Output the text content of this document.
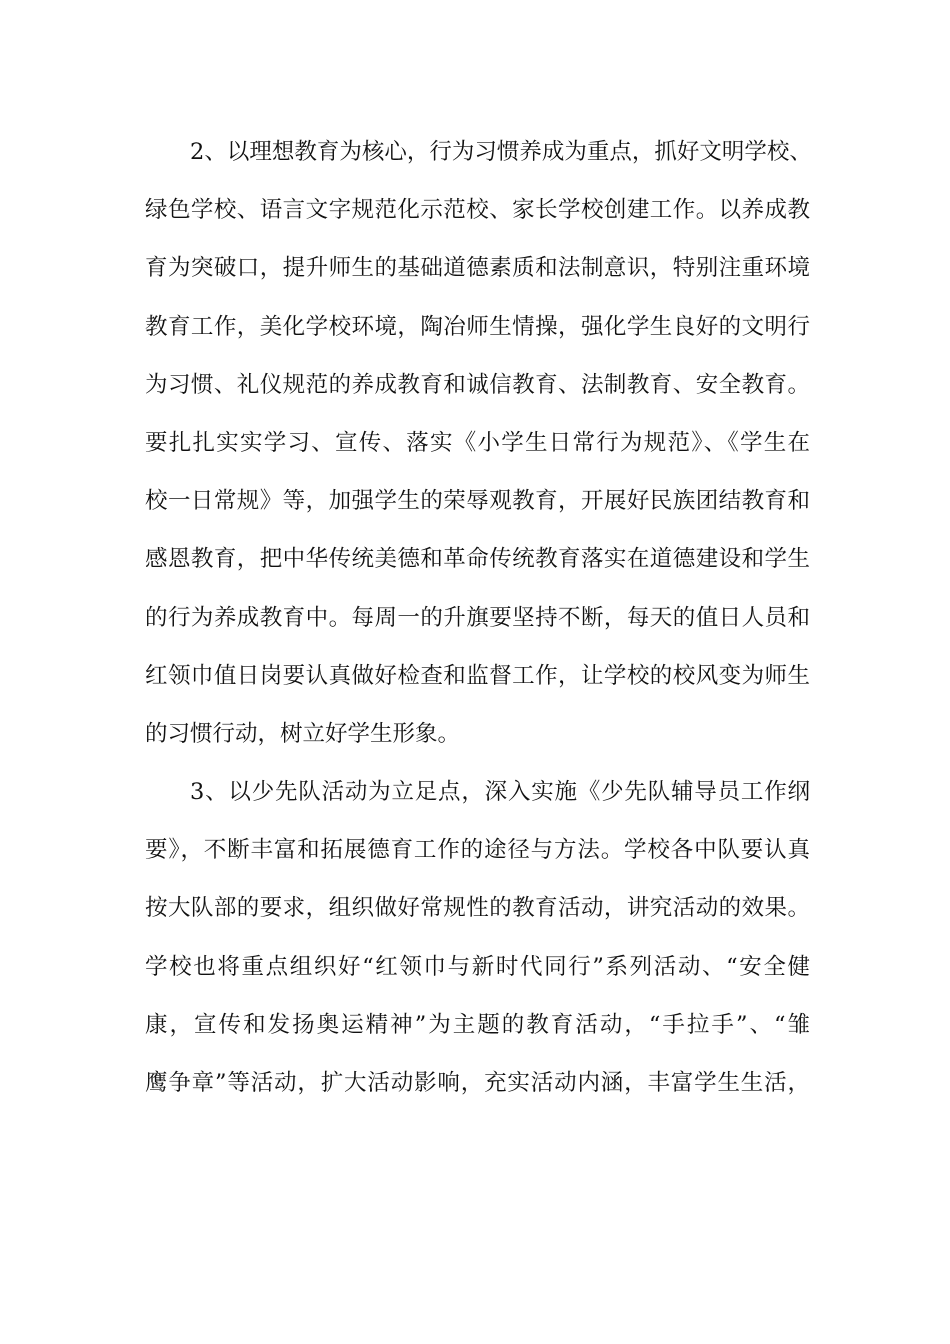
2、以理想教育为核心，行为习惯养成为重点，抓好文明学校、
绿色学校、语言文字规范化示范校、家长学校创建工作。以养成教
育为突破口，提升师生的基础道德素质和法制意识，特别注重环境
教育工作，美化学校环境，陶冶师生情操，强化学生良好的文明行
为习惯、礼仪规范的养成教育和诚信教育、法制教育、安全教育。
要扎扎实实学习、宣传、落实《小学生日常行为规范》、《学生在
校一日常规》等，加强学生的荣辱观教育，开展好民族团结教育和
感恩教育，把中华传统美德和革命传统教育落实在道德建设和学生
的行为养成教育中。每周一的升旗要坚持不断，每天的值日人员和
红领巾值日岗要认真做好检查和监督工作，让学校的校风变为师生
的习惯行动，树立好学生形象。
3、以少先队活动为立足点，深入实施《少先队辅导员工作纲
要》，不断丰富和拓展德育工作的途径与方法。学校各中队要认真
按大队部的要求，组织做好常规性的教育活动，讲究活动的效果。
学校也将重点组织好“红领巾与新时代同行”系列活动、“安全健
康，宣传和发扬奥运精神”为主题的教育活动，“手拉手”、“雏
鹰争章”等活动，扩大活动影响，充实活动内涵，丰富学生生活，
